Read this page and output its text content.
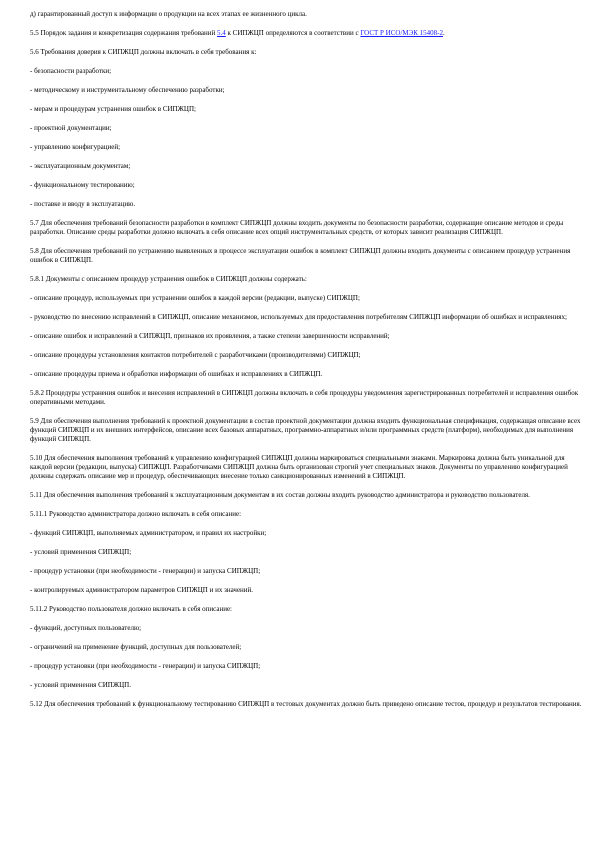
д) гарантированный доступ к информации о продукции на всех этапах ее жизненного цикла.

5.5 Порядок задания и конкретизация содержания требований 5.4 к СИПЖЦП определяются в соответствии с ГОСТ Р ИСО/МЭК 15408-2.

5.6 Требования доверия к СИПЖЦП должны включать в себя требования к:

- безопасности разработки;

- методическому и инструментальному обеспечению разработки;

- мерам и процедурам устранения ошибок в СИПЖЦП;

- проектной документации;

- управлению конфигурацией;

- эксплуатационным документам;

- функциональному тестированию;

- поставке и вводу в эксплуатацию.

5.7 Для обеспечения требований безопасности разработки в комплект СИПЖЦП должны входить документы по безопасности разработки, содержащие описание методов и среды разработки. Описание среды разработки должно включать в себя описание всех опций инструментальных средств, от которых зависит реализация СИПЖЦП.

5.8 Для обеспечения требований по устранению выявленных в процессе эксплуатации ошибок в комплект СИПЖЦП должны входить документы с описанием процедур устранения ошибок в СИПЖЦП.

5.8.1 Документы с описанием процедур устранения ошибок в СИПЖЦП должны содержать:

- описание процедур, используемых при устранении ошибок в каждой версии (редакции, выпуске) СИПЖЦП;

- руководство по внесению исправлений в СИПЖЦП, описание механизмов, используемых для предоставления потребителям СИПЖЦП информации об ошибках и исправлениях;

- описание ошибок и исправлений в СИПЖЦП, признаков их проявления, а также степени завершенности исправлений;

- описание процедуры установления контактов потребителей с разработчиками (производителями) СИПЖЦП;

- описание процедуры приема и обработки информации об ошибках и исправлениях в СИПЖЦП.

5.8.2 Процедуры устранения ошибок и внесения исправлений в СИПЖЦП должны включать в себя процедуры уведомления зарегистрированных потребителей и исправления ошибок оперативными методами.

5.9 Для обеспечения выполнения требований к проектной документации в состав проектной документации должна входить функциональная спецификация, содержащая описание всех функций СИПЖЦП и их внешних интерфейсов, описание всех базовых аппаратных, программно-аппаратных и/или программных средств (платформ), необходимых для выполнения функций СИПЖЦП.

5.10 Для обеспечения выполнения требований к управлению конфигурацией СИПЖЦП должны маркироваться специальными знаками. Маркировка должна быть уникальной для каждой версии (редакции, выпуска) СИПЖЦП. Разработчиками СИПЖЦП должна быть организован строгий учет специальных знаков. Документы по управлению конфигурацией должны содержать описание мер и процедур, обеспечивающих внесение только санкционированных изменений в СИПЖЦП.

5.11 Для обеспечения выполнения требований к эксплуатационным документам в их состав должны входить руководство администратора и руководство пользователя.

5.11.1 Руководство администратора должно включать в себя описание:

- функций СИПЖЦП, выполняемых администратором, и правил их настройки;

- условий применения СИПЖЦП;

- процедур установки (при необходимости - генерации) и запуска СИПЖЦП;

- контролируемых администратором параметров СИПЖЦП и их значений.

5.11.2 Руководство пользователя должно включать в себя описание:

- функций, доступных пользователю;

- ограничений на применение функций, доступных для пользователей;

- процедур установки (при необходимости - генерации) и запуска СИПЖЦП;

- условий применения СИПЖЦП.

5.12 Для обеспечения требований к функциональному тестированию СИПЖЦП в тестовых документах должно быть приведено описание тестов, процедур и результатов тестирования.
